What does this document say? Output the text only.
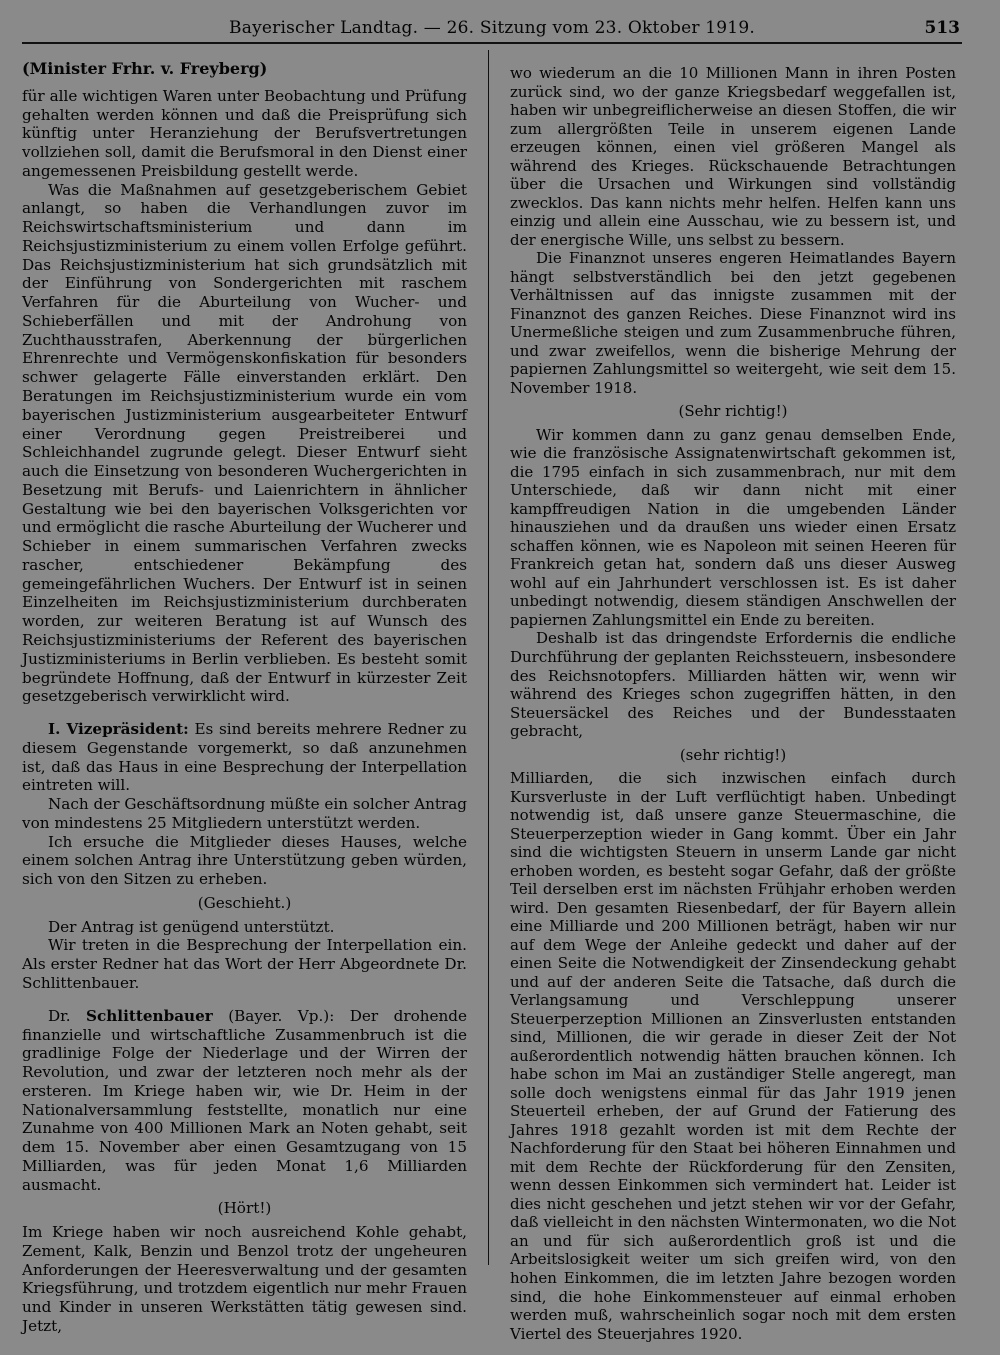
Bayerischer Landtag. — 26. Sitzung vom 23. Oktober 1919.	513

(Minister Frhr. v. Freyberg)

für alle wichtigen Waren unter Beobachtung und Prüfung gehalten werden können und daß die Preisprüfung sich künftig unter Heranziehung der Berufsvertretungen vollziehen soll, damit die Berufsmoral in den Dienst einer angemessenen Preisbildung gestellt werde.

Was die Maßnahmen auf gesetzgeberischem Gebiet anlangt, so haben die Verhandlungen zuvor im Reichswirtschaftsministerium und dann im Reichsjustizministerium zu einem vollen Erfolge geführt. Das Reichsjustizministerium hat sich grundsätzlich mit der Einführung von Sondergerichten mit raschem Verfahren für die Aburteilung von Wucher- und Schieberfällen und mit der Androhung von Zuchthausstrafen, Aberkennung der bürgerlichen Ehrenrechte und Vermögenskonfiskation für besonders schwer gelagerte Fälle einverstanden erklärt. Den Beratungen im Reichsjustizministerium wurde ein vom bayerischen Justizministerium ausgearbeiteter Entwurf einer Verordnung gegen Preistreiberei und Schleichhandel zugrunde gelegt. Dieser Entwurf sieht auch die Einsetzung von besonderen Wuchergerichten in Besetzung mit Berufs- und Laienrichtern in ähnlicher Gestaltung wie bei den bayerischen Volksgerichten vor und ermöglicht die rasche Aburteilung der Wucherer und Schieber in einem summarischen Verfahren zwecks rascher, entschiedener Bekämpfung des gemeingefährlichen Wuchers. Der Entwurf ist in seinen Einzelheiten im Reichsjustizministerium durchberaten worden, zur weiteren Beratung ist auf Wunsch des Reichsjustizministeriums der Referent des bayerischen Justizministeriums in Berlin verblieben. Es besteht somit begründete Hoffnung, daß der Entwurf in kürzester Zeit gesetzgeberisch verwirklicht wird.

I. Vizepräsident: Es sind bereits mehrere Redner zu diesem Gegenstande vorgemerkt, so daß anzunehmen ist, daß das Haus in eine Besprechung der Interpellation eintreten will.

Nach der Geschäftsordnung müßte ein solcher Antrag von mindestens 25 Mitgliedern unterstützt werden.

Ich ersuche die Mitglieder dieses Hauses, welche einem solchen Antrag ihre Unterstützung geben würden, sich von den Sitzen zu erheben.

(Geschieht.)

Der Antrag ist genügend unterstützt.

Wir treten in die Besprechung der Interpellation ein. Als erster Redner hat das Wort der Herr Abgeordnete Dr. Schlittenbauer.

Dr. Schlittenbauer (Bayer. Vp.): Der drohende finanzielle und wirtschaftliche Zusammenbruch ist die gradlinige Folge der Niederlage und der Wirren der Revolution, und zwar der letzteren noch mehr als der ersteren. Im Kriege haben wir, wie Dr. Heim in der Nationalversammlung feststellte, monatlich nur eine Zunahme von 400 Millionen Mark an Noten gehabt, seit dem 15. November aber einen Gesamtzugang von 15 Milliarden, was für jeden Monat 1,6 Milliarden ausmacht.

(Hört!)

Im Kriege haben wir noch ausreichend Kohle gehabt, Zement, Kalk, Benzin und Benzol trotz der ungeheuren Anforderungen der Heeresverwaltung und der gesamten Kriegsführung, und trotzdem eigentlich nur mehr Frauen und Kinder in unseren Werkstätten tätig gewesen sind. Jetzt,

wo wiederum an die 10 Millionen Mann in ihren Posten zurück sind, wo der ganze Kriegsbedarf weggefallen ist, haben wir unbegreiflicherweise an diesen Stoffen, die wir zum allergrößten Teile in unserem eigenen Lande erzeugen können, einen viel größeren Mangel als während des Krieges. Rückschauende Betrachtungen über die Ursachen und Wirkungen sind vollständig zwecklos. Das kann nichts mehr helfen. Helfen kann uns einzig und allein eine Ausschau, wie zu bessern ist, und der energische Wille, uns selbst zu bessern.

Die Finanznot unseres engeren Heimatlandes Bayern hängt selbstverständlich bei den jetzt gegebenen Verhältnissen auf das innigste zusammen mit der Finanznot des ganzen Reiches. Diese Finanznot wird ins Unermeßliche steigen und zum Zusammenbruche führen, und zwar zweifellos, wenn die bisherige Mehrung der papiernen Zahlungsmittel so weitergeht, wie seit dem 15. November 1918.

(Sehr richtig!)

Wir kommen dann zu ganz genau demselben Ende, wie die französische Assignatenwirtschaft gekommen ist, die 1795 einfach in sich zusammenbrach, nur mit dem Unterschiede, daß wir dann nicht mit einer kampffreudigen Nation in die umgebenden Länder hinausziehen und da draußen uns wieder einen Ersatz schaffen können, wie es Napoleon mit seinen Heeren für Frankreich getan hat, sondern daß uns dieser Ausweg wohl auf ein Jahrhundert verschlossen ist. Es ist daher unbedingt notwendig, diesem ständigen Anschwellen der papiernen Zahlungsmittel ein Ende zu bereiten.

Deshalb ist das dringendste Erfordernis die endliche Durchführung der geplanten Reichssteuern, insbesondere des Reichsnotopfers. Milliarden hätten wir, wenn wir während des Krieges schon zugegriffen hätten, in den Steuersäckel des Reiches und der Bundesstaaten gebracht,

(sehr richtig!)

Milliarden, die sich inzwischen einfach durch Kursverluste in der Luft verflüchtigt haben. Unbedingt notwendig ist, daß unsere ganze Steuermaschine, die Steuerperzeption wieder in Gang kommt. Über ein Jahr sind die wichtigsten Steuern in unserm Lande gar nicht erhoben worden, es besteht sogar Gefahr, daß der größte Teil derselben erst im nächsten Frühjahr erhoben werden wird. Den gesamten Riesenbedarf, der für Bayern allein eine Milliarde und 200 Millionen beträgt, haben wir nur auf dem Wege der Anleihe gedeckt und daher auf der einen Seite die Notwendigkeit der Zinsendeckung gehabt und auf der anderen Seite die Tatsache, daß durch die Verlangsamung und Verschleppung unserer Steuerperzeption Millionen an Zinsverlusten entstanden sind, Millionen, die wir gerade in dieser Zeit der Not außerordentlich notwendig hätten brauchen können. Ich habe schon im Mai an zuständiger Stelle angeregt, man solle doch wenigstens einmal für das Jahr 1919 jenen Steuerteil erheben, der auf Grund der Fatierung des Jahres 1918 gezahlt worden ist mit dem Rechte der Nachforderung für den Staat bei höheren Einnahmen und mit dem Rechte der Rückforderung für den Zensiten, wenn dessen Einkommen sich vermindert hat. Leider ist dies nicht geschehen und jetzt stehen wir vor der Gefahr, daß vielleicht in den nächsten Wintermonaten, wo die Not an und für sich außerordentlich groß ist und die Arbeitslosigkeit weiter um sich greifen wird, von den hohen Einkommen, die im letzten Jahre bezogen worden sind, die hohe Einkommensteuer auf einmal erhoben werden muß, wahrscheinlich sogar noch mit dem ersten Viertel des Steuerjahres 1920.
